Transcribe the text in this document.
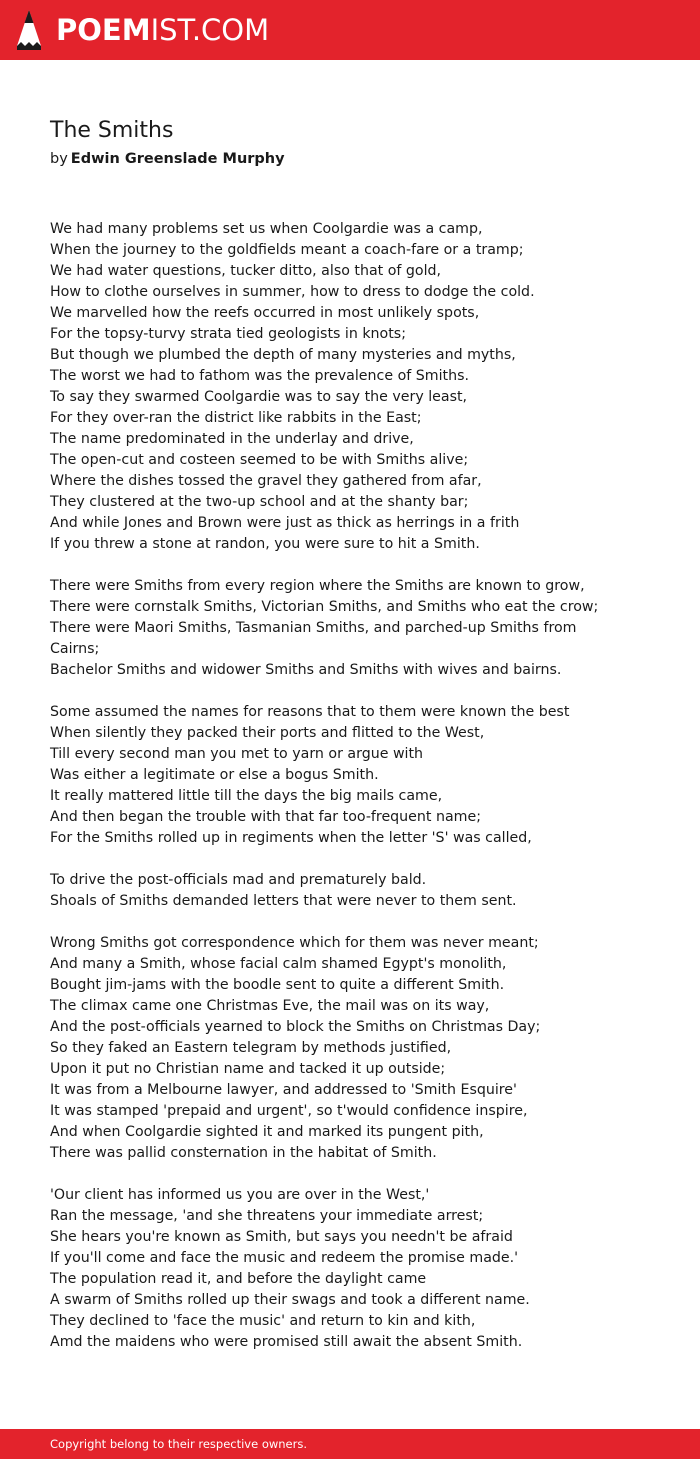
POEMIST.COM
The Smiths
by Edwin Greenslade Murphy
We had many problems set us when Coolgardie was a camp,
When the journey to the goldfields meant a coach-fare or a tramp;
We had water questions, tucker ditto, also that of gold,
How to clothe ourselves in summer, how to dress to dodge the cold.
We marvelled how the reefs occurred in most unlikely spots,
For the topsy-turvy strata tied geologists in knots;
But though we plumbed the depth of many mysteries and myths,
The worst we had to fathom was the prevalence of Smiths.
To say they swarmed Coolgardie was to say the very least,
For they over-ran the district like rabbits in the East;
The name predominated in the underlay and drive,
The open-cut and costeen seemed to be with Smiths alive;
Where the dishes tossed the gravel they gathered from afar,
They clustered at the two-up school and at the shanty bar;
And while Jones and Brown were just as thick as herrings in a frith
If you threw a stone at randon, you were sure to hit a Smith.
There were Smiths from every region where the Smiths are known to grow,
There were cornstalk Smiths, Victorian Smiths, and Smiths who eat the crow;
There were Maori Smiths, Tasmanian Smiths, and parched-up Smiths from
Cairns;
Bachelor Smiths and widower Smiths and Smiths with wives and bairns.
Some assumed the names for reasons that to them were known the best
When silently they packed their ports and flitted to the West,
Till every second man you met to yarn or argue with
Was either a legitimate or else a bogus Smith.
It really mattered little till the days the big mails came,
And then began the trouble with that far too-frequent name;
For the Smiths rolled up in regiments when the letter 'S' was called,
To drive the post-officials mad and prematurely bald.
Shoals of Smiths demanded letters that were never to them sent.
Wrong Smiths got correspondence which for them was never meant;
And many a Smith, whose facial calm shamed Egypt's monolith,
Bought jim-jams with the boodle sent to quite a different Smith.
The climax came one Christmas Eve, the mail was on its way,
And the post-officials yearned to block the Smiths on Christmas Day;
So they faked an Eastern telegram by methods justified,
Upon it put no Christian name and tacked it up outside;
It was from a Melbourne lawyer, and addressed to 'Smith Esquire'
It was stamped 'prepaid and urgent', so t'would confidence inspire,
And when Coolgardie sighted it and marked its pungent pith,
There was pallid consternation in the habitat of Smith.
'Our client has informed us you are over in the West,'
Ran the message, 'and she threatens your immediate arrest;
She hears you're known as Smith, but says you needn't be afraid
If you'll come and face the music and redeem the promise made.'
The population read it, and before the daylight came
A swarm of Smiths rolled up their swags and took a different name.
They declined to 'face the music' and return to kin and kith,
Amd the maidens who were promised still await the absent Smith.
Copyright belong to their respective owners.
